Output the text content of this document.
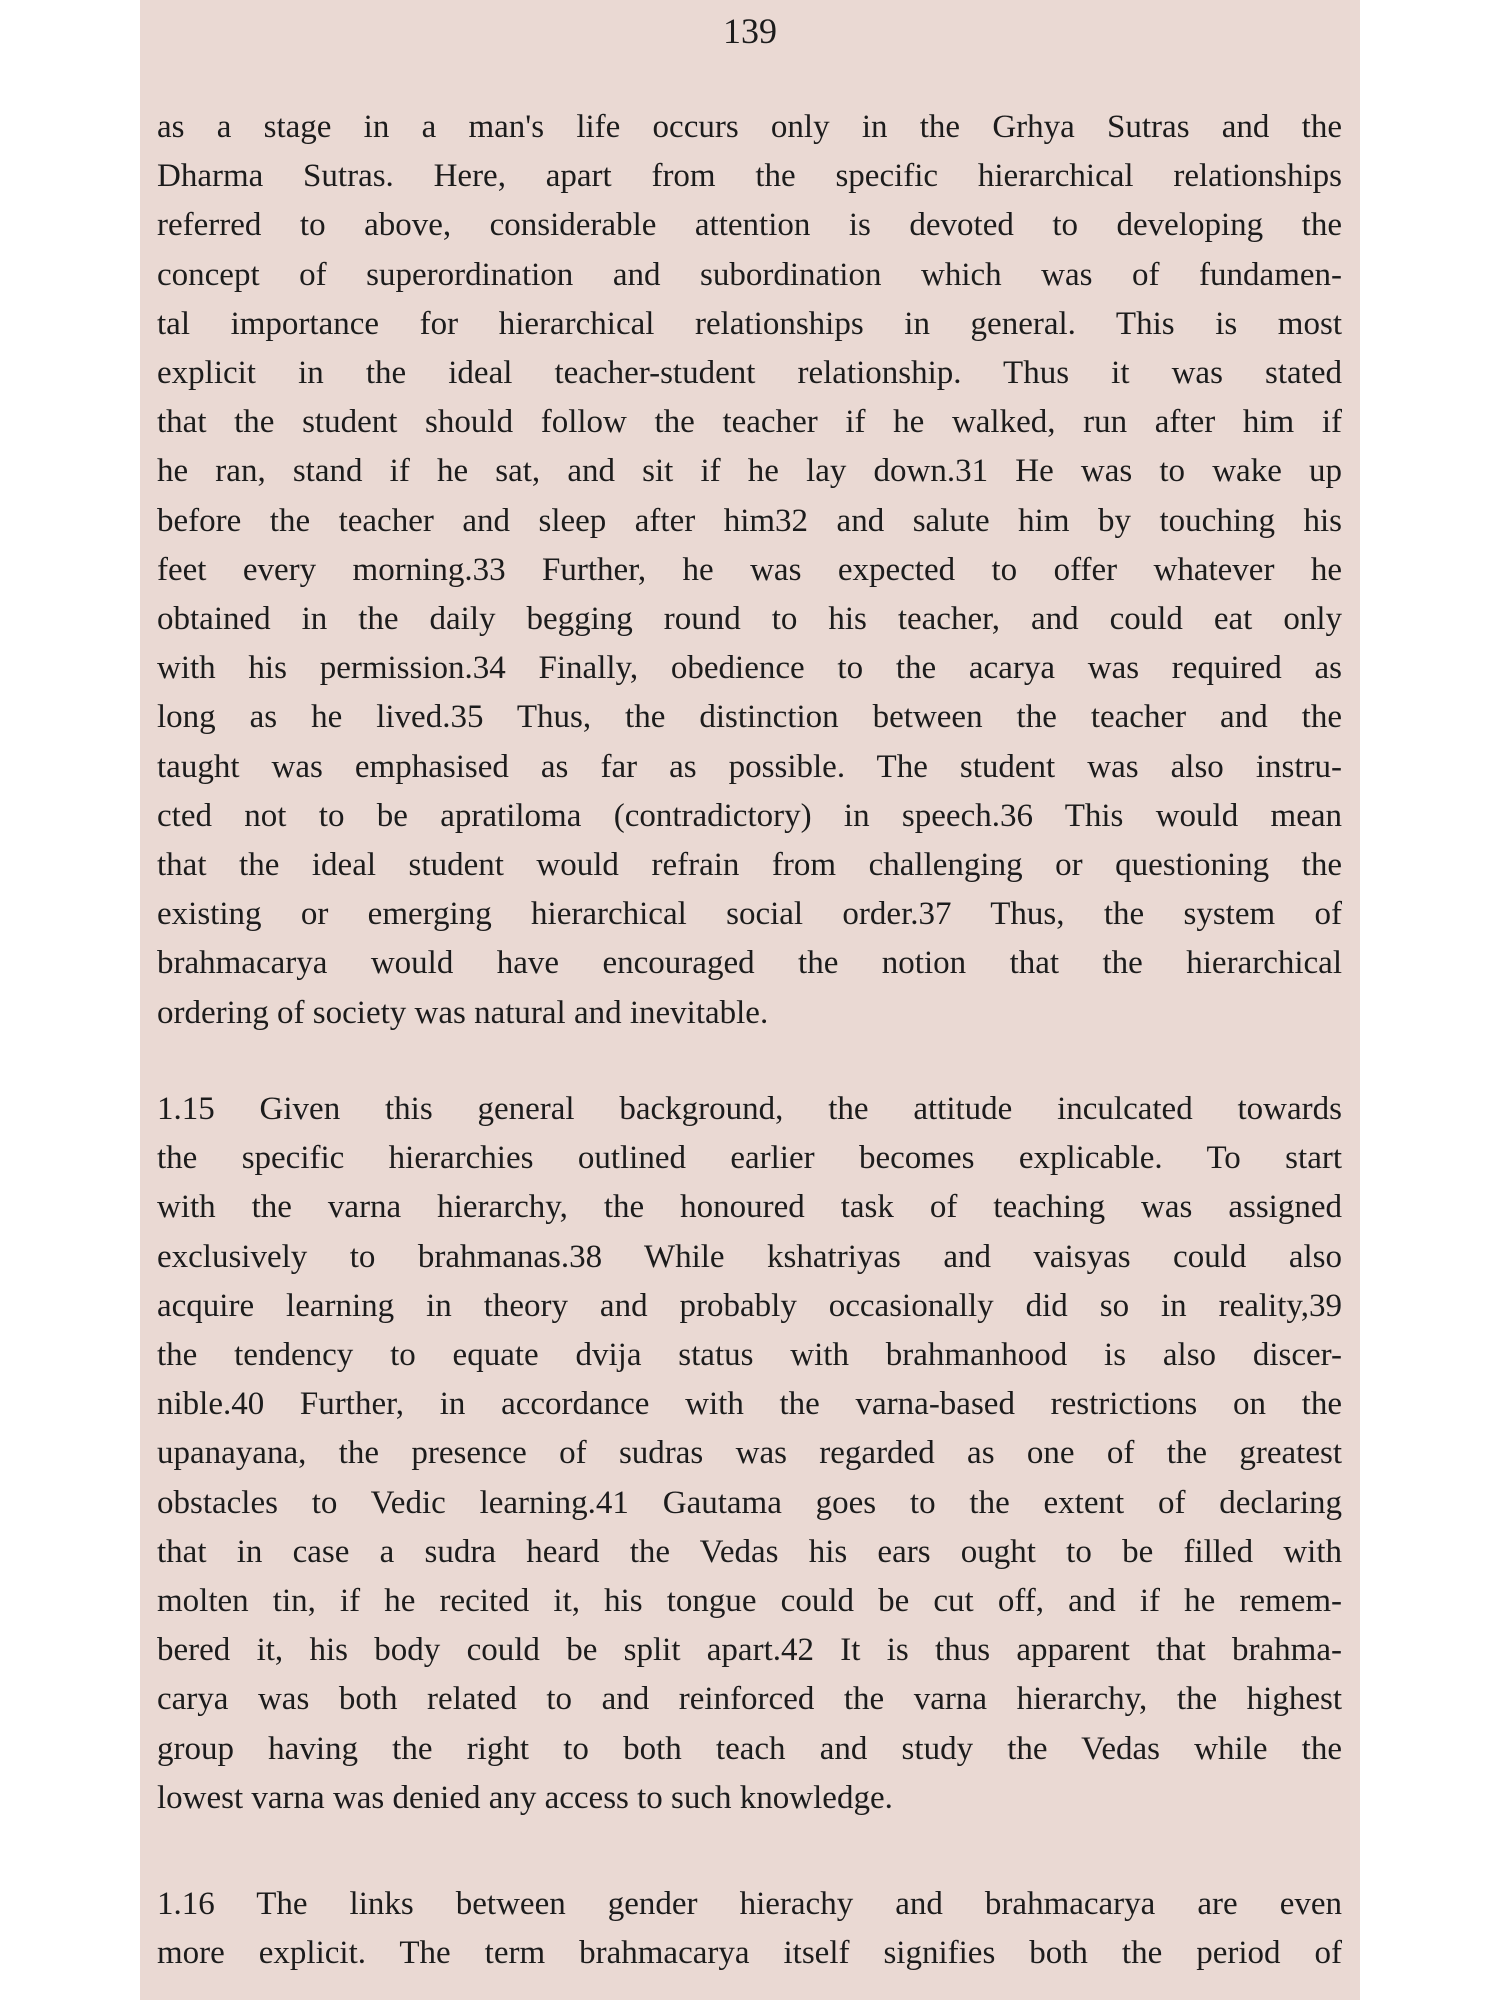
139
as a stage in a man's life occurs only in the Grhya Sutras and the
Dharma Sutras. Here, apart from the specific hierarchical relationships
referred to above, considerable attention is devoted to developing the
concept of superordination and subordination which was of fundamen-
tal importance for hierarchical relationships in general. This is most
explicit in the ideal teacher-student relationship. Thus it was stated
that the student should follow the teacher if he walked, run after him if
he ran, stand if he sat, and sit if he lay down.31 He was to wake up
before the teacher and sleep after him32 and salute him by touching his
feet every morning.33 Further, he was expected to offer whatever he
obtained in the daily begging round to his teacher, and could eat only
with his permission.34 Finally, obedience to the acarya was required as
long as he lived.35 Thus, the distinction between the teacher and the
taught was emphasised as far as possible. The student was also instru-
cted not to be apratiloma (contradictory) in speech.36 This would mean
that the ideal student would refrain from challenging or questioning the
existing or emerging hierarchical social order.37 Thus, the system of
brahmacarya would have encouraged the notion that the hierarchical
ordering of society was natural and inevitable.
1.15 Given this general background, the attitude inculcated towards
the specific hierarchies outlined earlier becomes explicable. To start
with the varna hierarchy, the honoured task of teaching was assigned
exclusively to brahmanas.38 While kshatriyas and vaisyas could also
acquire learning in theory and probably occasionally did so in reality,39
the tendency to equate dvija status with brahmanhood is also discer-
nible.40 Further, in accordance with the varna-based restrictions on the
upanayana, the presence of sudras was regarded as one of the greatest
obstacles to Vedic learning.41 Gautama goes to the extent of declaring
that in case a sudra heard the Vedas his ears ought to be filled with
molten tin, if he recited it, his tongue could be cut off, and if he remem-
bered it, his body could be split apart.42 It is thus apparent that brahma-
carya was both related to and reinforced the varna hierarchy, the highest
group having the right to both teach and study the Vedas while the
lowest varna was denied any access to such knowledge.
1.16 The links between gender hierachy and brahmacarya are even
more explicit. The term brahmacarya itself signifies both the period of
